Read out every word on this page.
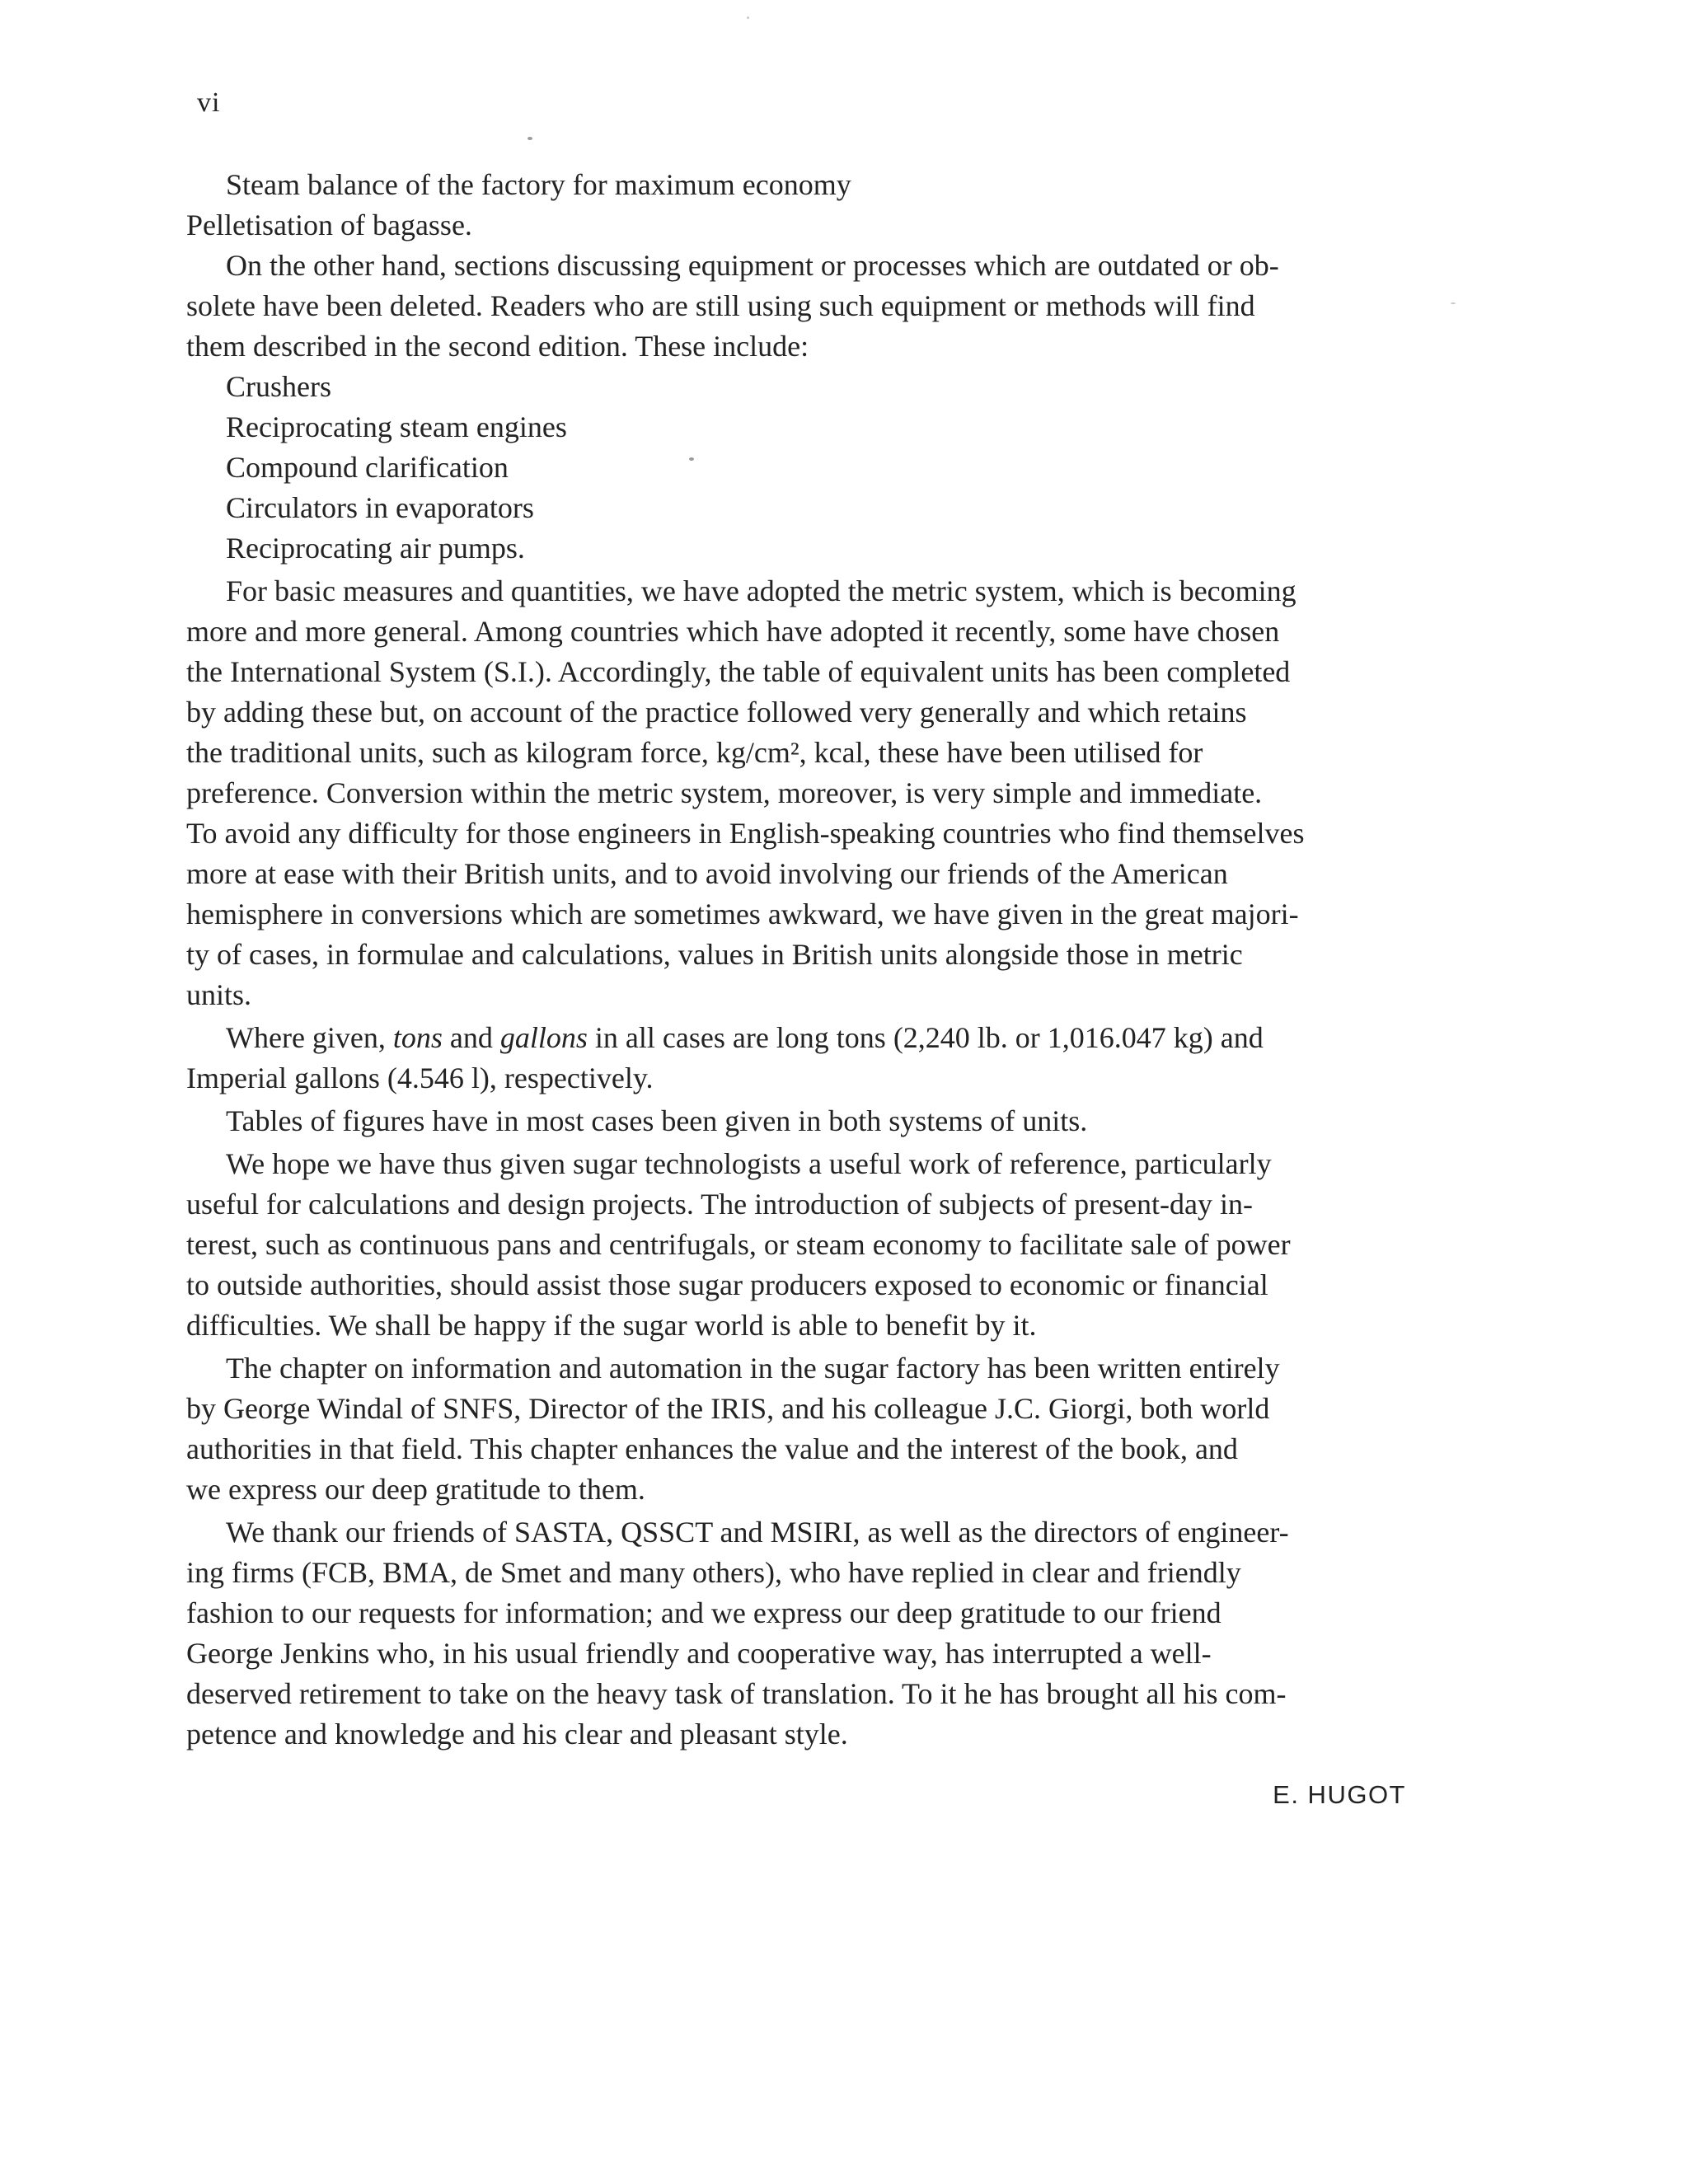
vi
Steam balance of the factory for maximum economy
Pelletisation of bagasse.
On the other hand, sections discussing equipment or processes which are outdated or ob-
solete have been deleted. Readers who are still using such equipment or methods will find
them described in the second edition. These include:
Crushers
Reciprocating steam engines
Compound clarification
Circulators in evaporators
Reciprocating air pumps.
For basic measures and quantities, we have adopted the metric system, which is becoming
more and more general. Among countries which have adopted it recently, some have chosen
the International System (S.I.). Accordingly, the table of equivalent units has been completed
by adding these but, on account of the practice followed very generally and which retains
the traditional units, such as kilogram force, kg/cm², kcal, these have been utilised for
preference. Conversion within the metric system, moreover, is very simple and immediate.
To avoid any difficulty for those engineers in English-speaking countries who find themselves
more at ease with their British units, and to avoid involving our friends of the American
hemisphere in conversions which are sometimes awkward, we have given in the great majori-
ty of cases, in formulae and calculations, values in British units alongside those in metric
units.
Where given, tons and gallons in all cases are long tons (2,240 lb. or 1,016.047 kg) and
Imperial gallons (4.546 l), respectively.
Tables of figures have in most cases been given in both systems of units.
We hope we have thus given sugar technologists a useful work of reference, particularly
useful for calculations and design projects. The introduction of subjects of present-day in-
terest, such as continuous pans and centrifugals, or steam economy to facilitate sale of power
to outside authorities, should assist those sugar producers exposed to economic or financial
difficulties. We shall be happy if the sugar world is able to benefit by it.
The chapter on information and automation in the sugar factory has been written entirely
by George Windal of SNFS, Director of the IRIS, and his colleague J.C. Giorgi, both world
authorities in that field. This chapter enhances the value and the interest of the book, and
we express our deep gratitude to them.
We thank our friends of SASTA, QSSCT and MSIRI, as well as the directors of engineer-
ing firms (FCB, BMA, de Smet and many others), who have replied in clear and friendly
fashion to our requests for information; and we express our deep gratitude to our friend
George Jenkins who, in his usual friendly and cooperative way, has interrupted a well-
deserved retirement to take on the heavy task of translation. To it he has brought all his com-
petence and knowledge and his clear and pleasant style.
E. HUGOT
